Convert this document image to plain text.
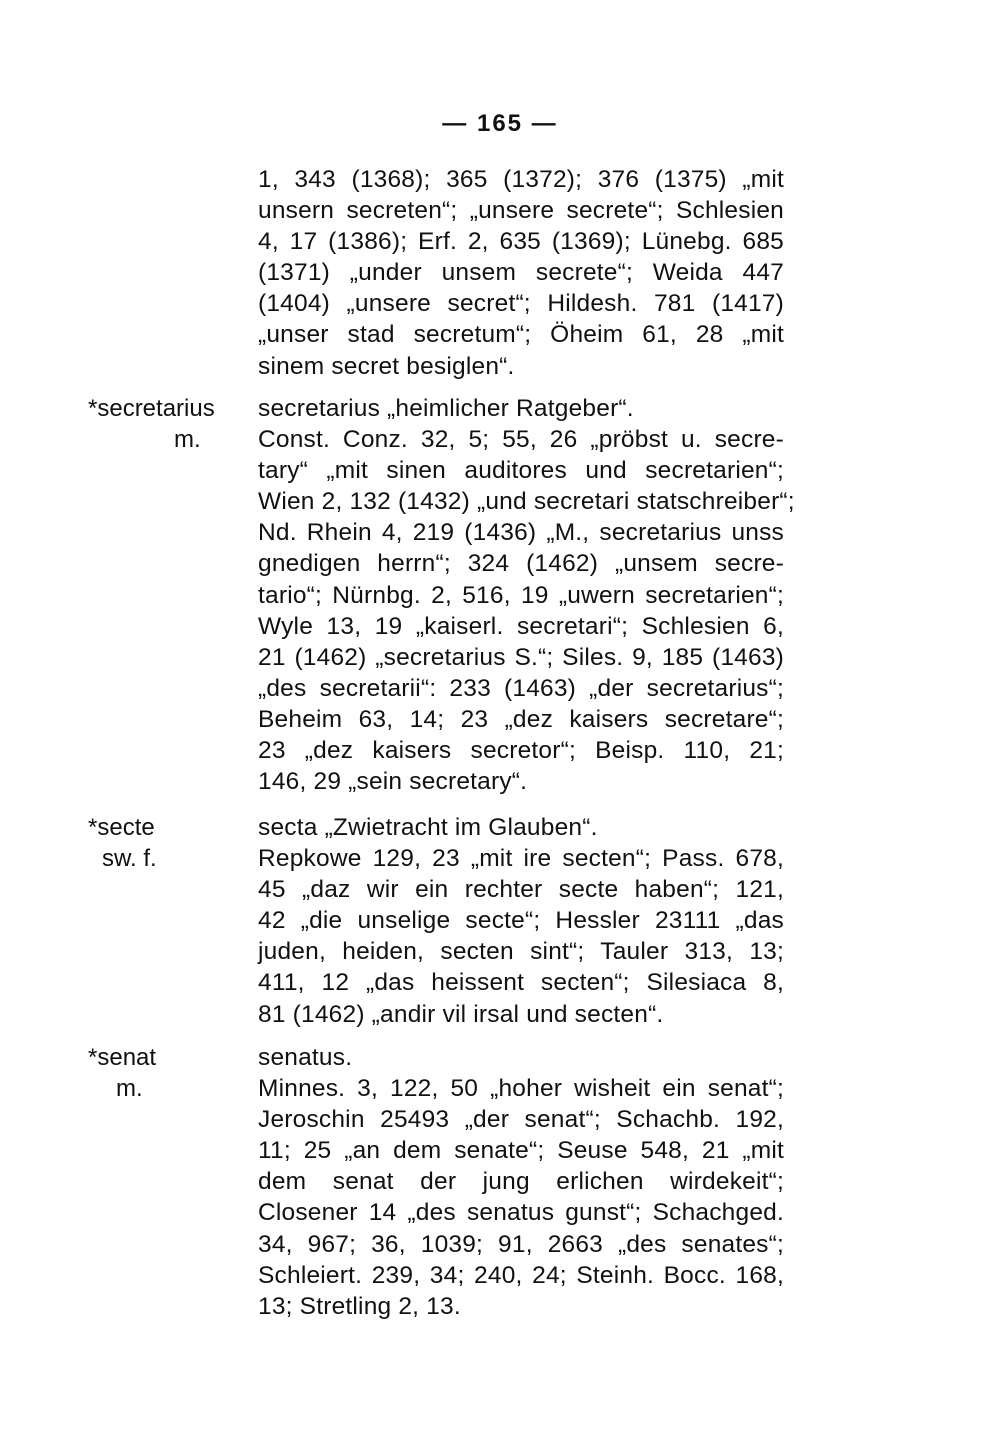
— 165 —
1, 343 (1368); 365 (1372); 376 (1375) „mit
unsern secreten“; „unsere secrete“; Schlesien
4, 17 (1386); Erf. 2, 635 (1369); Lünebg. 685
(1371) „under unsem secrete“; Weida 447
(1404) „unsere secret“; Hildesh. 781 (1417)
„unser stad secretum“; Öheim 61, 28 „mit
sinem secret besiglen“.
*secretarius
m.
secretarius „heimlicher Ratgeber“.
Const. Conz. 32, 5; 55, 26 „pröbst u. secre-
tary“ „mit sinen auditores und secretarien“;
Wien 2, 132 (1432) „und secretari statschreiber“;
Nd. Rhein 4, 219 (1436) „M., secretarius unss
gnedigen herrn“; 324 (1462) „unsem secre-
tario“; Nürnbg. 2, 516, 19 „uwern secretarien“;
Wyle 13, 19 „kaiserl. secretari“; Schlesien 6,
21 (1462) „secretarius S.“; Siles. 9, 185 (1463)
„des secretarii“: 233 (1463) „der secretarius“;
Beheim 63, 14; 23 „dez kaisers secretare“;
23 „dez kaisers secretor“; Beisp. 110, 21;
146, 29 „sein secretary“.
*secte
sw. f.
secta „Zwietracht im Glauben“.
Repkowe 129, 23 „mit ire secten“; Pass. 678,
45 „daz wir ein rechter secte haben“; 121,
42 „die unselige secte“; Hessler 23111 „das
juden, heiden, secten sint“; Tauler 313, 13;
411, 12 „das heissent secten“; Silesiaca 8,
81 (1462) „andir vil irsal und secten“.
*senat
m.
senatus.
Minnes. 3, 122, 50 „hoher wisheit ein senat“;
Jeroschin 25493 „der senat“; Schachb. 192,
11; 25 „an dem senate“; Seuse 548, 21 „mit
dem senat der jung erlichen wirdekeit“;
Closener 14 „des senatus gunst“; Schachged.
34, 967; 36, 1039; 91, 2663 „des senates“;
Schleiert. 239, 34; 240, 24; Steinh. Bocc. 168,
13; Stretling 2, 13.
